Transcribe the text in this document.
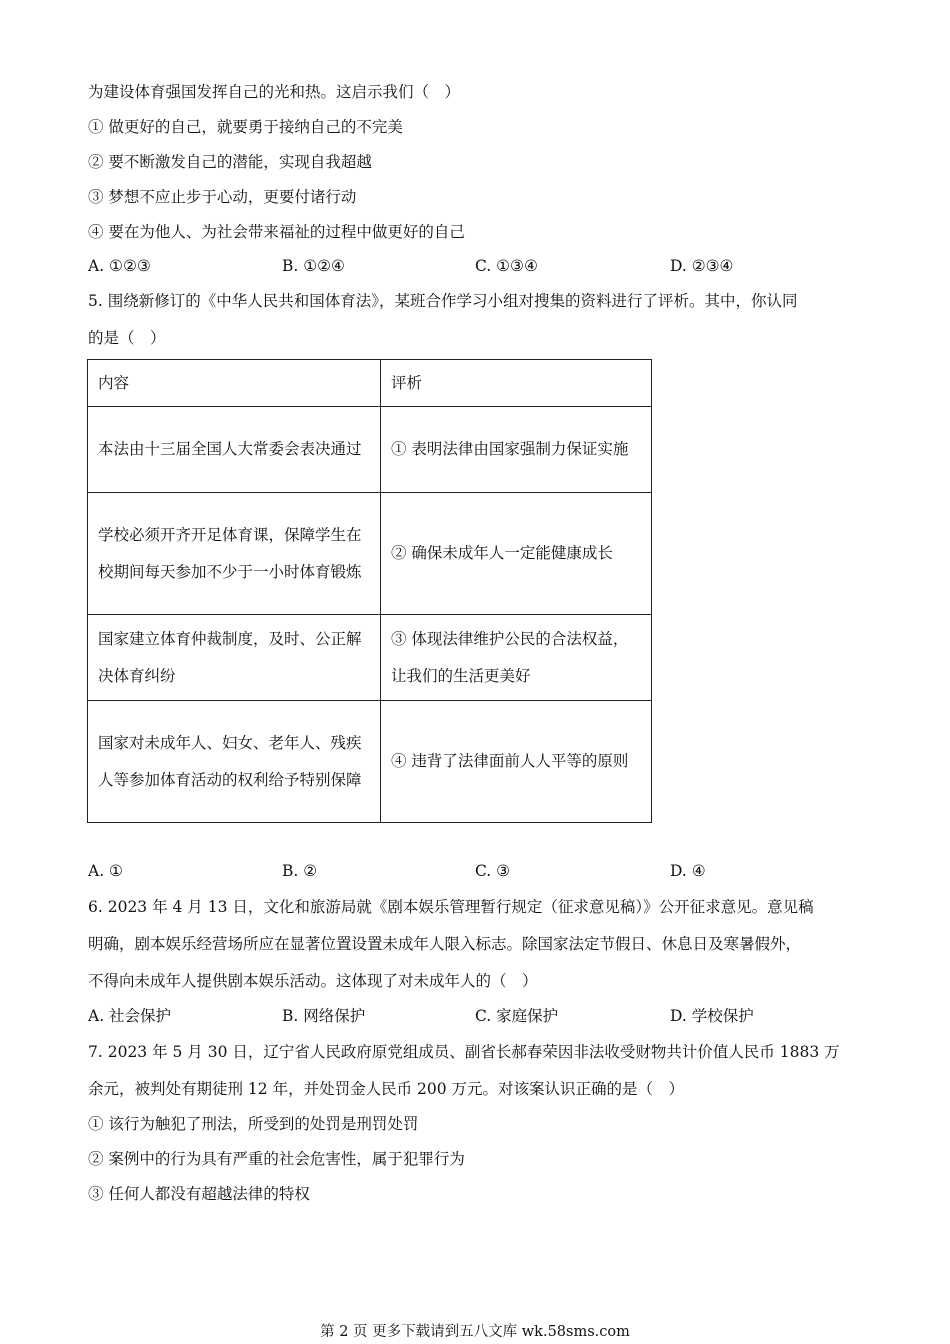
为建设体育强国发挥自己的光和热。这启示我们（　）
① 做更好的自己，就要勇于接纳自己的不完美
② 要不断激发自己的潜能，实现自我超越
③ 梦想不应止步于心动，更要付诸行动
④ 要在为他人、为社会带来福祉的过程中做更好的自己
A. ①②③	B. ①②④	C. ①③④	D. ②③④
5. 围绕新修订的《中华人民共和国体育法》，某班合作学习小组对搜集的资料进行了评析。其中，你认同
的是（　）
内容	评析
本法由十三届全国人大常委会表决通过	① 表明法律由国家强制力保证实施
学校必须开齐开足体育课，保障学生在校期间每天参加不少于一小时体育锻炼	② 确保未成年人一定能健康成长
国家建立体育仲裁制度，及时、公正解决体育纠纷	③ 体现法律维护公民的合法权益，让我们的生活更美好
国家对未成年人、妇女、老年人、残疾人等参加体育活动的权利给予特别保障	④ 违背了法律面前人人平等的原则
A. ①	B. ②	C. ③	D. ④
6. 2023 年 4 月 13 日，文化和旅游局就《剧本娱乐管理暂行规定（征求意见稿）》公开征求意见。意见稿
明确，剧本娱乐经营场所应在显著位置设置未成年人限入标志。除国家法定节假日、休息日及寒暑假外，
不得向未成年人提供剧本娱乐活动。这体现了对未成年人的（　）
A. 社会保护	B. 网络保护	C. 家庭保护	D. 学校保护
7. 2023 年 5 月 30 日，辽宁省人民政府原党组成员、副省长郝春荣因非法收受财物共计价值人民币 1883 万
余元，被判处有期徒刑 12 年，并处罚金人民币 200 万元。对该案认识正确的是（　）
① 该行为触犯了刑法，所受到的处罚是刑罚处罚
② 案例中的行为具有严重的社会危害性，属于犯罪行为
③ 任何人都没有超越法律的特权
第 2 页 更多下载请到五八文库 wk.58sms.com
